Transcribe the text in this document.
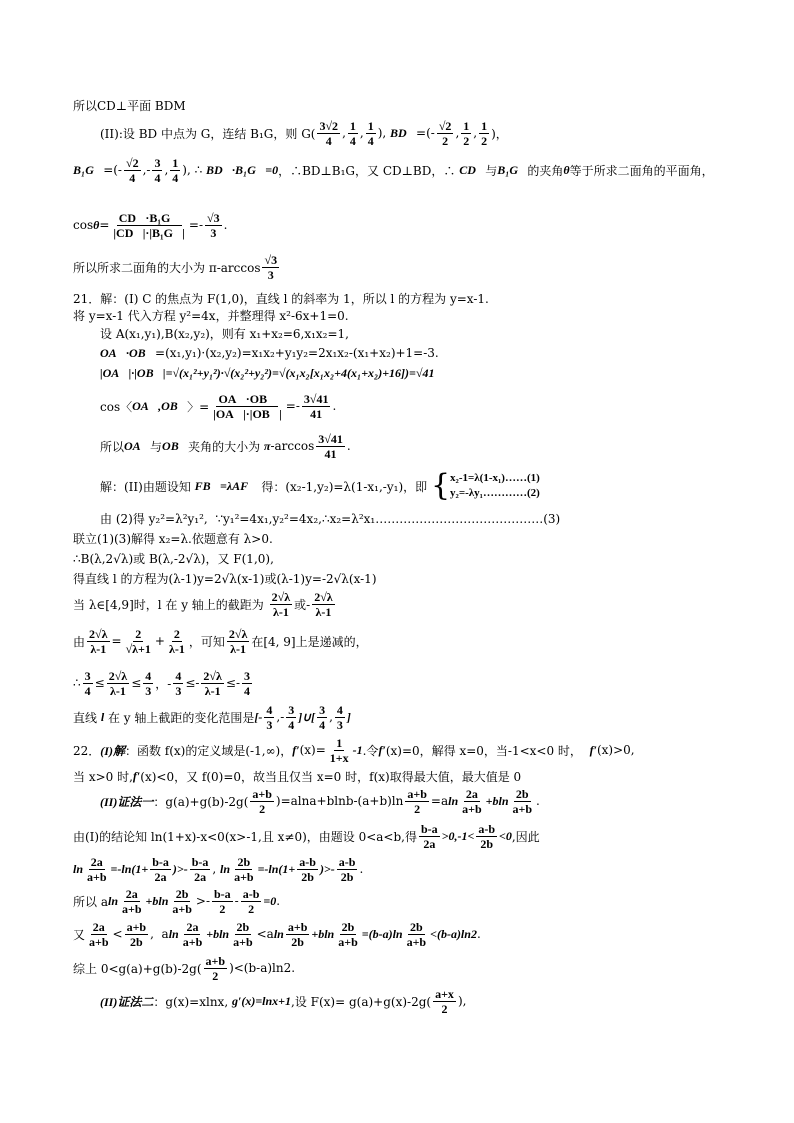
所以CD⊥平面 BDM
(II):设 BD 中点为 G，连结 B₁G，则 $G( \frac{3√2}{4}$ , $\frac{1}{4}$ , $\frac{1}{4}$ ), BD⃗ =(- $\frac{√2}{2}$ , $\frac{1}{2}$ , $\frac{1}{2}$ )，
B₁G⃗ =(- $\frac{√2}{4}$ ,- $\frac{3}{4}$ , $\frac{1}{4}$ ), ∴ BD⃗·B₁G⃗=0 ，∴BD⊥B₁G，又 CD⊥BD，∴ CD⃗ 与 B₁G⃗ 的夹角 θ 等于所求二面角的平面角，
$\cos \theta = \frac{\text{CD⃗·B₁G⃗}}{\text{|CD⃗|·|B₁G⃗|}} =- \frac{√3}{3}$ .
所以所求二面角的大小为 $\pi-\arccos \frac{√3}{3}$
21．解：(I) C 的焦点为 F(1,0)，直线 l 的斜率为 1，所以 l 的方程为 y=x-1.
将 y=x-1 代入方程 y²=4x，并整理得 x²-6x+1=0.
设 A(x₁,y₁),B(x₂,y₂)，则有 x₁+x₂=6,x₁x₂=1,
OA⃗·OB⃗ =(x₁,y₁)·(x₂,y₂)=x₁x₂+y₁y₂=2x₁x₂-(x₁+x₂)+1=-3.
|OA⃗|·|OB⃗|=√(x₁²+y₁²)·√(x₂²+y₂²)=√(x₁x₂[x₁x₂+4(x₁+x₂)+16])=√41
cos〈 OA⃗,OB⃗ 〉= $\frac{OA⃗\cdot OB⃗}{|OA⃗|\cdot|OB⃗|} =- \frac{3√41}{41}$ .
所以 OA⃗ 与 OB⃗ 夹角的大小为 π $-\arccos \frac{3√41}{41}$ .
解：(II)由题设知 FB⃗=λAF⃗ 得：(x₂-1,y₂)=λ(1-x₁,-y₁)，即 { x₂-1=λ(1-x₁)……(1)
y₂=-λy₁…………(2)
由 (2)得 y₂²=λ²y₁²,  ∵y₁²=4x₁,y₂²=4x₂,∴x₂=λ²x₁……………………………………(3)
联立(1)(3)解得 x₂=λ.依题意有 λ>0.
∴B(λ,2√λ)或 B(λ,-2√λ)，又 F(1,0),
得直线 l 的方程为(λ-1)y=2√λ(x-1)或(λ-1)y=-2√λ(x-1)
当 λ∈[4,9]时，l 在 y 轴上的截距为 $\frac{2√\lambda}{\lambda-1}$ 或- $\frac{2√\lambda}{\lambda-1}$
由 $\frac{2√\lambda}{\lambda-1} = \frac{2}{√\lambda+1} + \frac{2}{\lambda-1}$ ，可知 $\frac{2√\lambda}{\lambda-1}$ 在[4, 9]上是递减的，
∴ $\frac{3}{4} \le \frac{2√\lambda}{\lambda-1} \le \frac{4}{3}$ ，- $\frac{4}{3} \le- \frac{2√\lambda}{\lambda-1} \le- \frac{3}{4}$
直线 l 在 y 轴上截距的变化范围是 [- $\frac{4}{3}$ ,- $\frac{3}{4}$ ]∪[ $\frac{3}{4}$ , $\frac{4}{3}$ ]
22． (I)解 ：函数 f(x)的定义域是(-1,∞)， f′ $(x)= \frac{1}{1+x} -1$ .令 f′ (x)=0，解得 x=0，当-1<x<0 时， f′ (x)>0,
当 x>0 时, f′ (x)<0，又 f(0)=0，故当且仅当 x=0 时，f(x)取得最大值，最大值是 0
(II)证法一 ：$g(a)+g(b)-2g( \frac{a+b}{2} )=alna+blnb-(a+b)\ln \frac{a+b}{2} =a$ $\ln \frac{2a}{a+b} +bln \frac{2b}{a+b}$ .
由(I)的结论知 ln(1+x)-x<0(x>-1,且 x≠0)，由题设 0<a<b,得 $\frac{b-a}{2a} >0,-1< \frac{a-b}{2b} <0$ ,因此
$\ln \frac{2a}{a+b} =-\ln(1+ \frac{b-a}{2a}$ )>- $\frac{b-a}{2a}$ , $\ln \frac{2b}{a+b} =-\ln(1+ \frac{a-b}{2b}$ )>- $\frac{a-b}{2b}$ .
所以 a $\ln \frac{2a}{a+b} +bln \frac{2b}{a+b} >- \frac{b-a}{2} - \frac{a-b}{2} =0$ .
又 $\frac{2a}{a+b} < \frac{a+b}{2b}$ ,  a $\ln \frac{2a}{a+b} +bln \frac{2b}{a+b} <a$ $\ln \frac{a+b}{2b} +bln \frac{2b}{a+b} =(b-a)\ln \frac{2b}{a+b} <(b-a)\ln 2$ .
综上 $0<g(a)+g(b)-2g( \frac{a+b}{2} )<(b-a)\ln 2$.
(II)证法二 ：g(x)=xlnx, g′(x)=lnx+1 ,设 $F(x)= g(a)+g(x)-2g( \frac{a+x}{2}$ ),
